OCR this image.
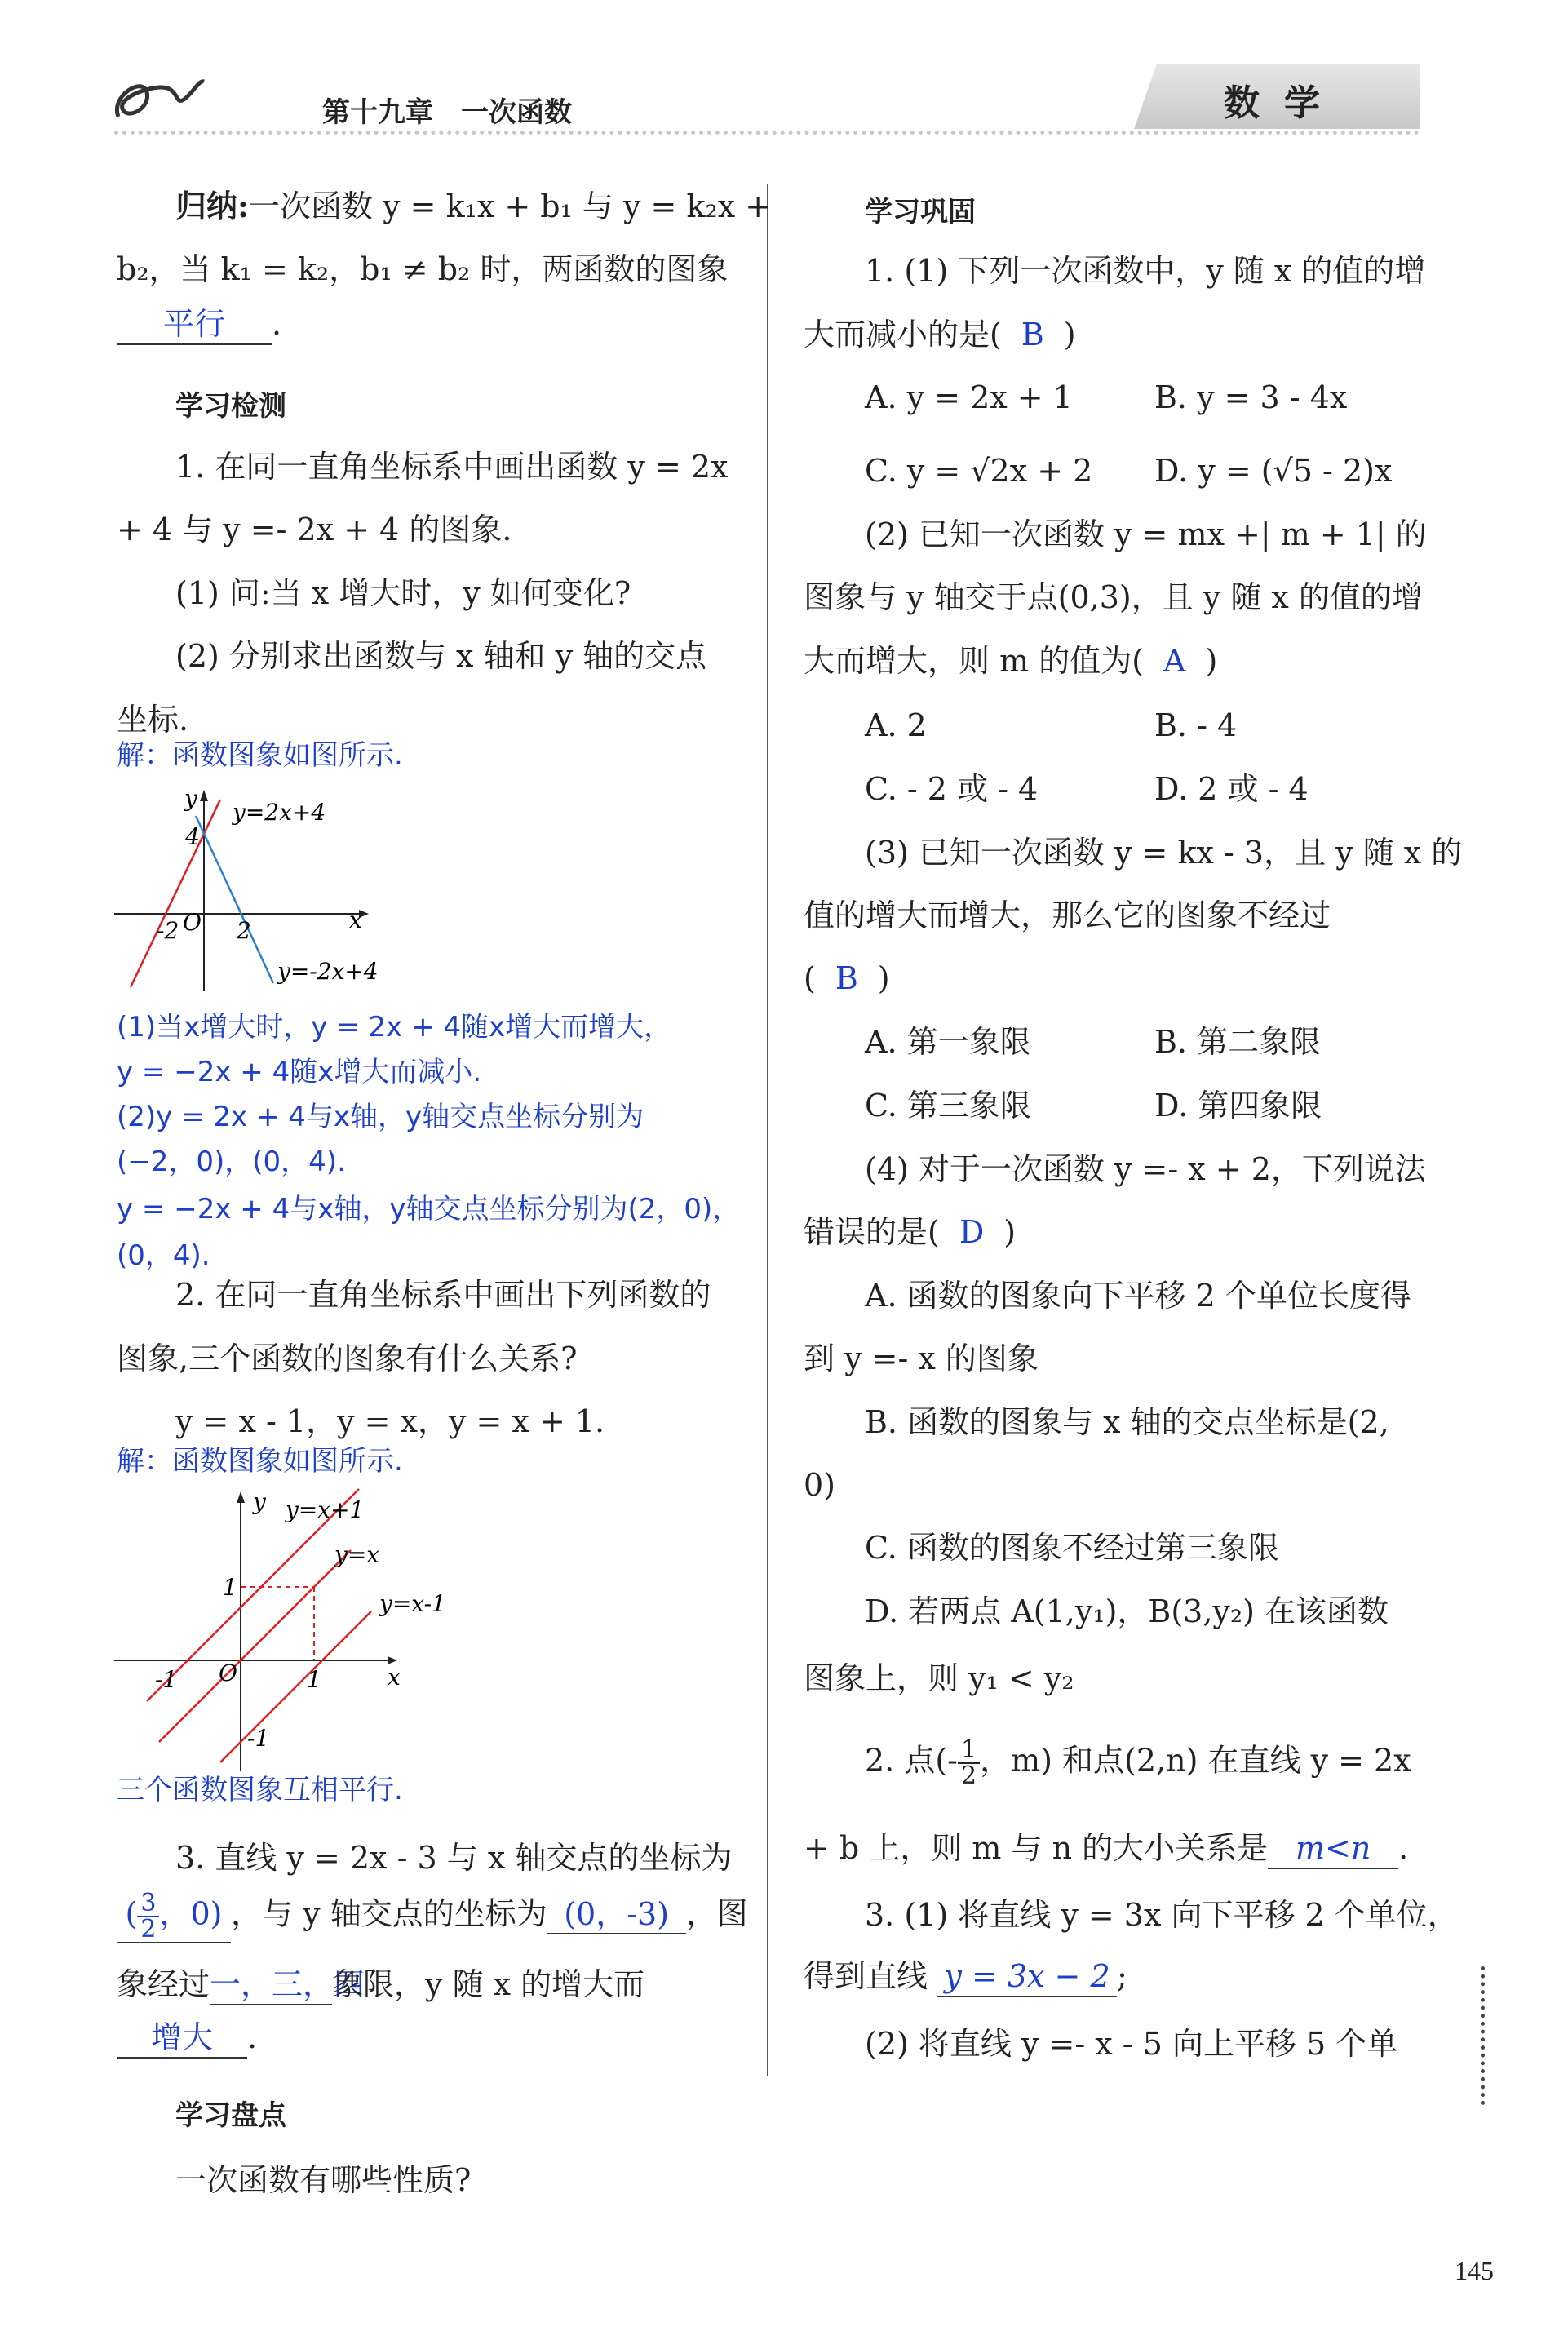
第十九章　一次函数	数学
归纳:一次函数 y = k₁x + b₁ 与 y = k₂x +
b₂，当 k₁ = k₂，b₁ ≠ b₂ 时，两函数的图象
平行 .
学习检测
1. 在同一直角坐标系中画出函数 y = 2x
+ 4 与 y =- 2x + 4 的图象.
(1) 问:当 x 增大时，y 如何变化?
(2) 分别求出函数与 x 轴和 y 轴的交点
坐标.
解：函数图象如图所示.
y
x
O
4
-2	2
y=2x+4
y=-2x+4
(1)当x增大时，y = 2x + 4随x增大而增大，
y = −2x + 4随x增大而减小.
(2)y = 2x + 4与x轴，y轴交点坐标分别为
(−2，0)，(0，4).
y = −2x + 4与x轴，y轴交点坐标分别为(2，0)，
(0，4).
2. 在同一直角坐标系中画出下列函数的
图象,三个函数的图象有什么关系?
y = x - 1，y = x，y = x + 1.
解：函数图象如图所示.
y
x
O
1
-1	1
-1
y=x+1
y=x
y=x-1
三个函数图象互相平行.
3. 直线 y = 2x - 3 与 x 轴交点的坐标为
( $\frac{3}{2}$ ，0) ，与 y 轴交点的坐标为 (0，-3) ，图
象经过一，三，四象限，y 随 x 的增大而
增大 .
学习盘点
一次函数有哪些性质?
学习巩固
1. (1) 下列一次函数中，y 随 x 的值的增
大而减小的是( B )
A. y = 2x + 1	B. y = 3 - 4x
C. y = √2x + 2 D. y = (√5 - 2)x
(2) 已知一次函数 y = mx +| m + 1| 的
图象与 y 轴交于点(0,3)，且 y 随 x 的值的增
大而增大，则 m 的值为( A )
A. 2	B. - 4
C. - 2 或 - 4	D. 2 或 - 4
(3) 已知一次函数 y = kx - 3，且 y 随 x 的
值的增大而增大，那么它的图象不经过
( B )
A. 第一象限	B. 第二象限
C. 第三象限	D. 第四象限
(4) 对于一次函数 y =- x + 2，下列说法
错误的是( D )
A. 函数的图象向下平移 2 个单位长度得
到 y =- x 的图象
B. 函数的图象与 x 轴的交点坐标是(2,
0)
C. 函数的图象不经过第三象限
D. 若两点 A(1,y₁)，B(3,y₂) 在该函数
图象上，则 y₁ < y₂
2. 点(- $\frac{1}{2}$ ，m) 和点(2,n) 在直线 y = 2x
+ b 上，则 m 与 n 的大小关系是 m<n .
3. (1) 将直线 y = 3x 向下平移 2 个单位，
得到直线 y = 3x − 2 ;
(2) 将直线 y =- x - 5 向上平移 5 个单
145
